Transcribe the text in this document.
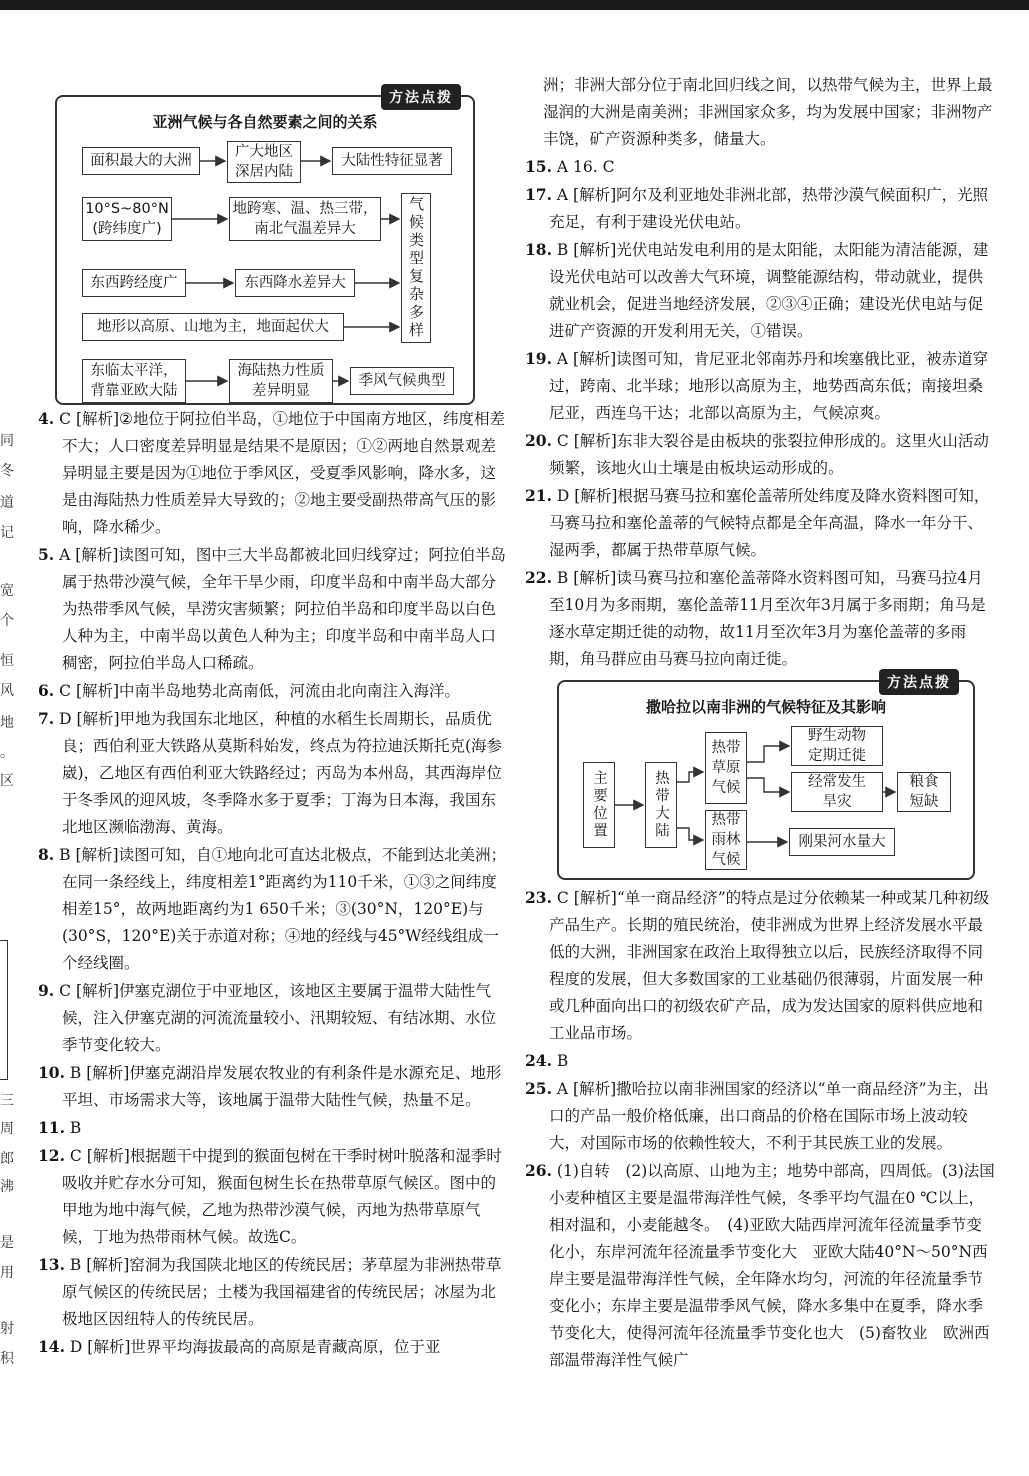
方法点拨
亚洲气候与各自然要素之间的关系
面积最大的大洲
广大地区
深居内陆
大陆性特征显著
10°S~80°N
(跨纬度广)
地跨寒、温、热三带，
南北气温差异大
东西跨经度广	东西降水差异大
地形以高原、山地为主，地面起伏大
东临太平洋，
背靠亚欧大陆
海陆热力性质
差异明显
季风气候典型
气候类型复杂多样
4. C [解析]②地位于阿拉伯半岛，①地位于中国南方地区，纬度相差不大；人口密度差异明显是结果不是原因；①②两地自然景观差异明显主要是因为①地位于季风区，受夏季风影响，降水多，这是由海陆热力性质差异大导致的；②地主要受副热带高气压的影响，降水稀少。
5. A [解析]读图可知，图中三大半岛都被北回归线穿过；阿拉伯半岛属于热带沙漠气候，全年干旱少雨，印度半岛和中南半岛大部分为热带季风气候，旱涝灾害频繁；阿拉伯半岛和印度半岛以白色人种为主，中南半岛以黄色人种为主；印度半岛和中南半岛人口稠密，阿拉伯半岛人口稀疏。
6. C [解析]中南半岛地势北高南低，河流由北向南注入海洋。
7. D [解析]甲地为我国东北地区，种植的水稻生长周期长，品质优良；西伯利亚大铁路从莫斯科始发，终点为符拉迪沃斯托克(海参崴)，乙地区有西伯利亚大铁路经过；丙岛为本州岛，其西海岸位于冬季风的迎风坡，冬季降水多于夏季；丁海为日本海，我国东北地区濒临渤海、黄海。
8. B [解析]读图可知，自①地向北可直达北极点，不能到达北美洲；在同一条经线上，纬度相差1°距离约为110千米，①③之间纬度相差15°，故两地距离约为1 650千米；③(30°N，120°E)与(30°S，120°E)关于赤道对称；④地的经线与45°W经线组成一个经线圈。
9. C [解析]伊塞克湖位于中亚地区，该地区主要属于温带大陆性气候，注入伊塞克湖的河流流量较小、汛期较短、有结冰期、水位季节变化较大。
10. B [解析]伊塞克湖沿岸发展农牧业的有利条件是水源充足、地形平坦、市场需求大等，该地属于温带大陆性气候，热量不足。
11. B
12. C [解析]根据题干中提到的猴面包树在干季时树叶脱落和湿季时吸收并贮存水分可知，猴面包树生长在热带草原气候区。图中的甲地为地中海气候，乙地为热带沙漠气候，丙地为热带草原气候，丁地为热带雨林气候。故选C。
13. B [解析]窑洞为我国陕北地区的传统民居；茅草屋为非洲热带草原气候区的传统民居；土楼为我国福建省的传统民居；冰屋为北极地区因纽特人的传统民居。
14. D [解析]世界平均海拔最高的高原是青藏高原，位于亚
洲；非洲大部分位于南北回归线之间，以热带气候为主，世界上最湿润的大洲是南美洲；非洲国家众多，均为发展中国家；非洲物产丰饶，矿产资源种类多，储量大。
15. A 16. C
17. A [解析]阿尔及利亚地处非洲北部，热带沙漠气候面积广，光照充足，有利于建设光伏电站。
18. B [解析]光伏电站发电利用的是太阳能，太阳能为清洁能源，建设光伏电站可以改善大气环境，调整能源结构，带动就业，提供就业机会，促进当地经济发展，②③④正确；建设光伏电站与促进矿产资源的开发利用无关，①错误。
19. A [解析]读图可知，肯尼亚北邻南苏丹和埃塞俄比亚，被赤道穿过，跨南、北半球；地形以高原为主，地势西高东低；南接坦桑尼亚，西连乌干达；北部以高原为主，气候凉爽。
20. C [解析]东非大裂谷是由板块的张裂拉伸形成的。这里火山活动频繁，该地火山土壤是由板块运动形成的。
21. D [解析]根据马赛马拉和塞伦盖蒂所处纬度及降水资料图可知，马赛马拉和塞伦盖蒂的气候特点都是全年高温，降水一年分干、湿两季，都属于热带草原气候。
22. B [解析]读马赛马拉和塞伦盖蒂降水资料图可知，马赛马拉4月至10月为多雨期，塞伦盖蒂11月至次年3月属于多雨期；角马是逐水草定期迁徙的动物，故11月至次年3月为塞伦盖蒂的多雨期，角马群应由马赛马拉向南迁徙。
方法点拨
撒哈拉以南非洲的气候特征及其影响
主要位置	热带大陆
热带草原气候
热带雨林气候
野生动物
定期迁徙
经常发生
旱灾
粮食
短缺
刚果河水量大
23. C [解析]“单一商品经济”的特点是过分依赖某一种或某几种初级产品生产。长期的殖民统治，使非洲成为世界上经济发展水平最低的大洲，非洲国家在政治上取得独立以后，民族经济取得不同程度的发展，但大多数国家的工业基础仍很薄弱，片面发展一种或几种面向出口的初级农矿产品，成为发达国家的原料供应地和工业品市场。
24. B
25. A [解析]撒哈拉以南非洲国家的经济以“单一商品经济”为主，出口的产品一般价格低廉，出口商品的价格在国际市场上波动较大，对国际市场的依赖性较大，不利于其民族工业的发展。
26. (1)自转　(2)以高原、山地为主；地势中部高，四周低。(3)法国小麦种植区主要是温带海洋性气候，冬季平均气温在0 ℃以上，相对温和，小麦能越冬。　(4)亚欧大陆西岸河流年径流量季节变化小，东岸河流年径流量季节变化大　亚欧大陆40°N～50°N西岸主要是温带海洋性气候，全年降水均匀，河流的年径流量季节变化小；东岸主要是温带季风气候，降水多集中在夏季，降水季节变化大，使得河流年径流量季节变化也大　(5)畜牧业　欧洲西部温带海洋性气候广
同
冬
道
记
宽
个
恒
风
地
。
区
三
周
郎
沸
是
用
射
积
